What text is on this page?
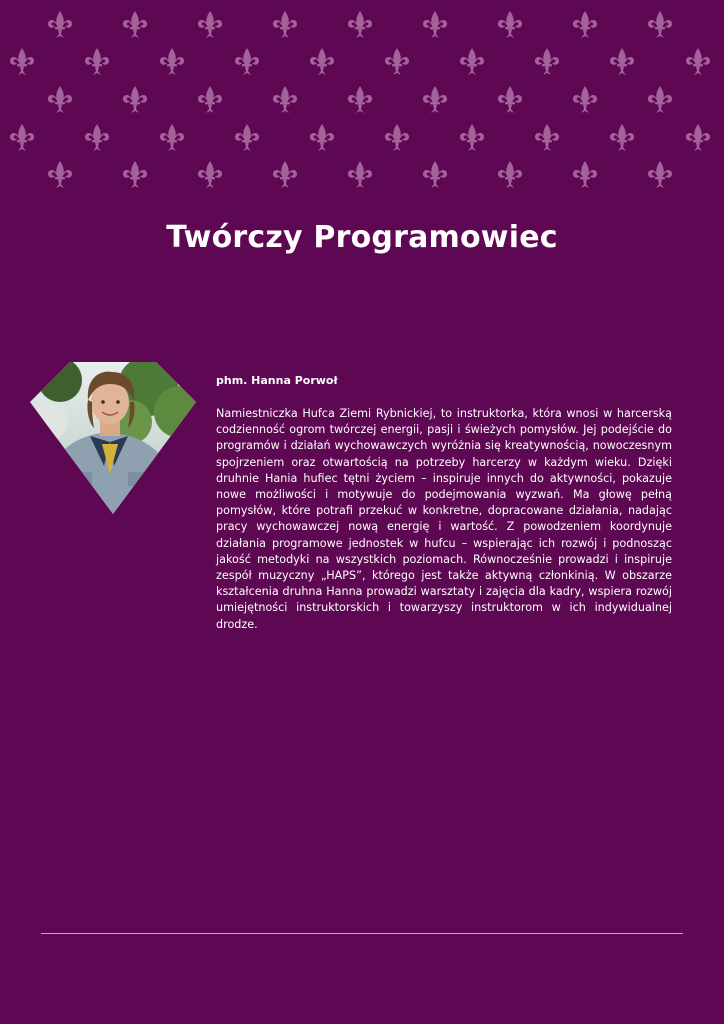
Twórczy Programowiec

phm. Hanna Porwoł

Namiestniczka Hufca Ziemi Rybnickiej, to instruktorka, która wnosi w harcerską codzienność ogrom twórczej energii, pasji i świeżych pomysłów. Jej podejście do programów i działań wychowawczych wyróżnia się kreatywnością, nowoczesnym spojrzeniem oraz otwartością na potrzeby harcerzy w każdym wieku. Dzięki druhnie Hania hufiec tętni życiem – inspiruje innych do aktywności, pokazuje nowe możliwości i motywuje do podejmowania wyzwań. Ma głowę pełną pomysłów, które potrafi przekuć w konkretne, dopracowane działania, nadając pracy wychowawczej nową energię i wartość. Z powodzeniem koordynuje działania programowe jednostek w hufcu – wspierając ich rozwój i podnosząc jakość metodyki na wszystkich poziomach. Równocześnie prowadzi i inspiruje zespół muzyczny „HAPS”, którego jest także aktywną członkinią. W obszarze kształcenia druhna Hanna prowadzi warsztaty i zajęcia dla kadry, wspiera rozwój umiejętności instruktorskich i towarzyszy instruktorom w ich indywidualnej drodze.
